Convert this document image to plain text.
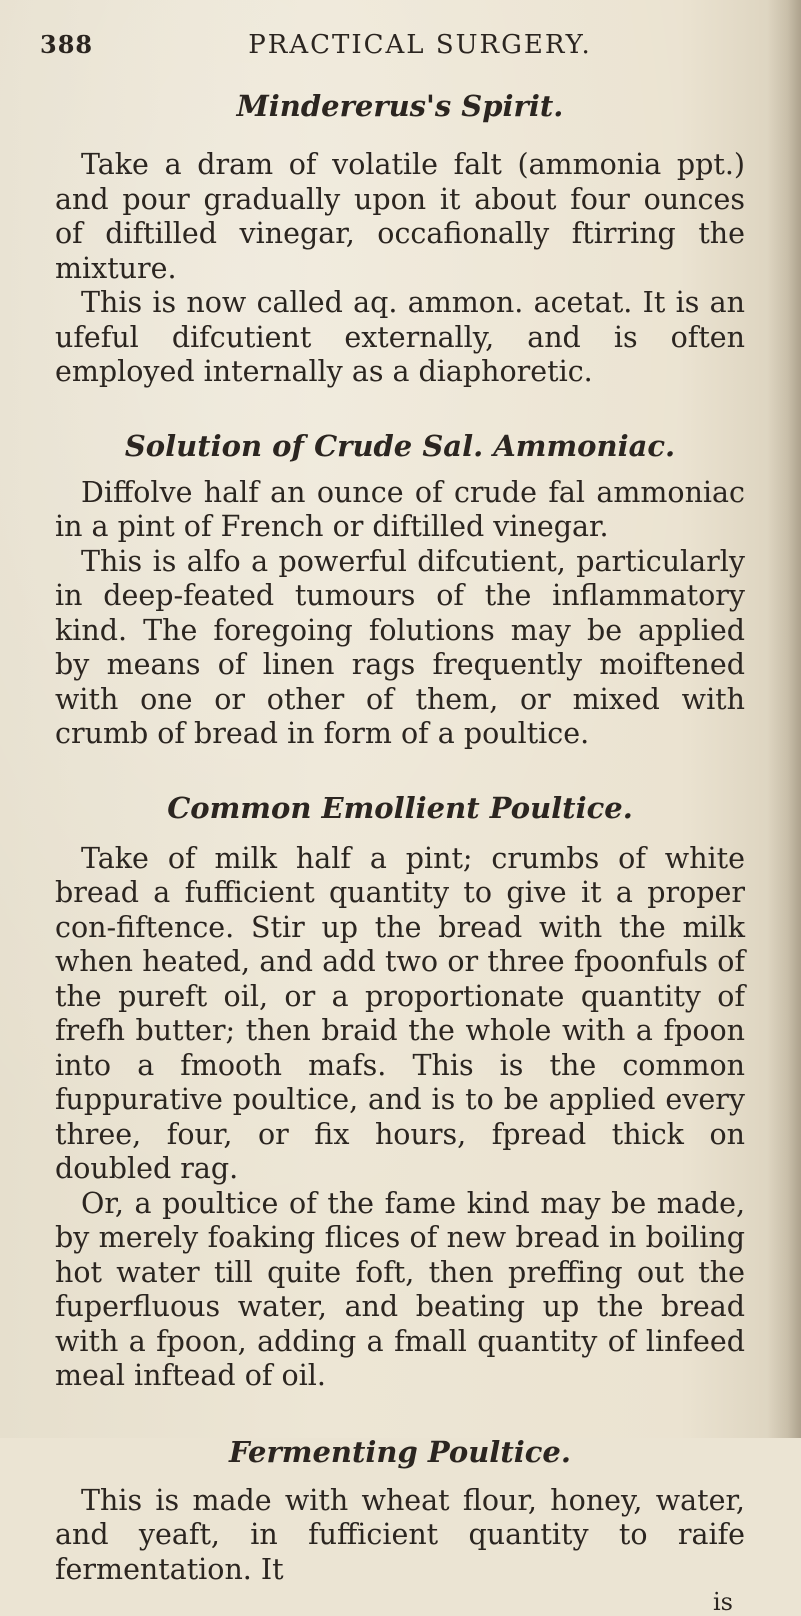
388	PRACTICAL SURGERY.
Mindererus's Spirit.

Take a dram of volatile falt (ammonia ppt.) and pour gradually upon it about four ounces of diftilled vinegar, occafionally ftirring the mixture.

This is now called aq. ammon. acetat. It is an ufeful difcutient externally, and is often employed internally as a diaphoretic.

Solution of Crude Sal. Ammoniac.

Diffolve half an ounce of crude fal ammoniac in a pint of French or diftilled vinegar.

This is alfo a powerful difcutient, particularly in deep-feated tumours of the inflammatory kind. The foregoing folutions may be applied by means of linen rags frequently moiftened with one or other of them, or mixed with crumb of bread in form of a poultice.

Common Emollient Poultice.

Take of milk half a pint; crumbs of white bread a fufficient quantity to give it a proper con-fiftence. Stir up the bread with the milk when heated, and add two or three fpoonfuls of the pureft oil, or a proportionate quantity of frefh butter; then braid the whole with a fpoon into a fmooth mafs. This is the common fuppurative poultice, and is to be applied every three, four, or fix hours, fpread thick on doubled rag.

Or, a poultice of the fame kind may be made, by merely foaking flices of new bread in boiling hot water till quite foft, then preffing out the fuperfluous water, and beating up the bread with a fpoon, adding a fmall quantity of linfeed meal inftead of oil.

Fermenting Poultice.

This is made with wheat flour, honey, water, and yeaft, in fufficient quantity to raife fermentation. It

is
